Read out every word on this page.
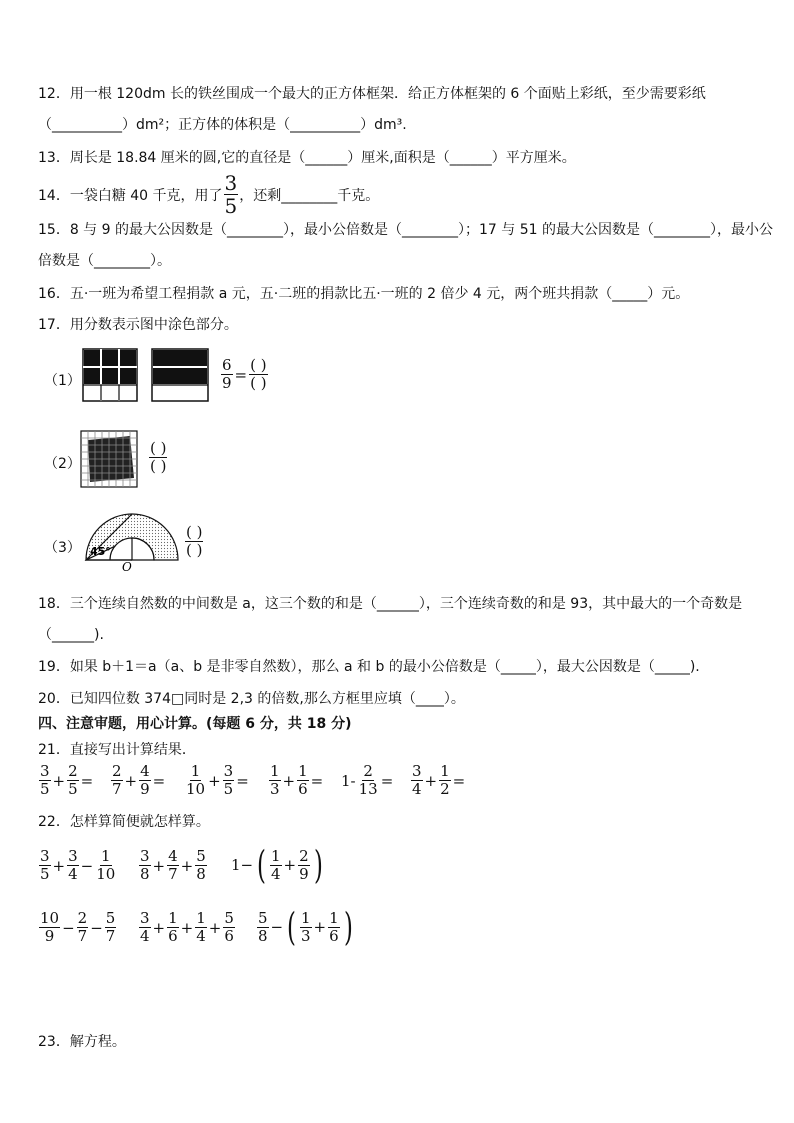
12．用一根 120dm 长的铁丝围成一个最大的正方体框架．给正方体框架的 6 个面贴上彩纸，至少需要彩纸
（__________）dm²；正方体的体积是（__________）dm³.
13．周长是 18.84 厘米的圆,它的直径是（______）厘米,面积是（______）平方厘米。
14．一袋白糖 40 千克，用了 $\frac{3}{5}$ ，还剩________千克。
15．8 与 9 的最大公因数是（________），最小公倍数是（________）；17 与 51 的最大公因数是（________），最小公
倍数是（________）。
16．五·一班为希望工程捐款 a 元，五·二班的捐款比五·一班的 2 倍少 4 元，两个班共捐款（_____）元。
17．用分数表示图中涂色部分。
（1）	$\frac{6}{9}$ =
( )
( )
（2）
( )
( )
（3） 45°
O
( )
( )
18．三个连续自然数的中间数是 a，这三个数的和是（______），三个连续奇数的和是 93，其中最大的一个奇数是
（______).
19．如果 b＋1＝a（a、b 是非零自然数），那么 a 和 b 的最小公倍数是（_____），最大公因数是（_____).
20．已知四位数 374□同时是 2,3 的倍数,那么方框里应填（____）。
四、注意审题，用心计算。(每题 6 分，共 18 分)
21．直接写出计算结果．
$\frac{3}{5} + \frac{2}{5} = \frac{2}{7} + \frac{4}{9} = \frac{1}{10} + \frac{3}{5} = \frac{1}{3} + \frac{1}{6} = 1- \frac{2}{13} = \frac{3}{4} + \frac{1}{2}$ =
22．怎样算简便就怎样算。
$\frac{3}{5} + \frac{3}{4} - \frac{1}{10} \frac{3}{8} + \frac{4}{7} + \frac{5}{8} 1-$ ( $\frac{1}{4} + \frac{2}{9}$ )
$\frac{10}{9} - \frac{2}{7} - \frac{5}{7} \frac{3}{4} + \frac{1}{6} + \frac{1}{4} + \frac{5}{6} \frac{5}{8}$ − ( $\frac{1}{3} + \frac{1}{6}$ )
23．解方程。
